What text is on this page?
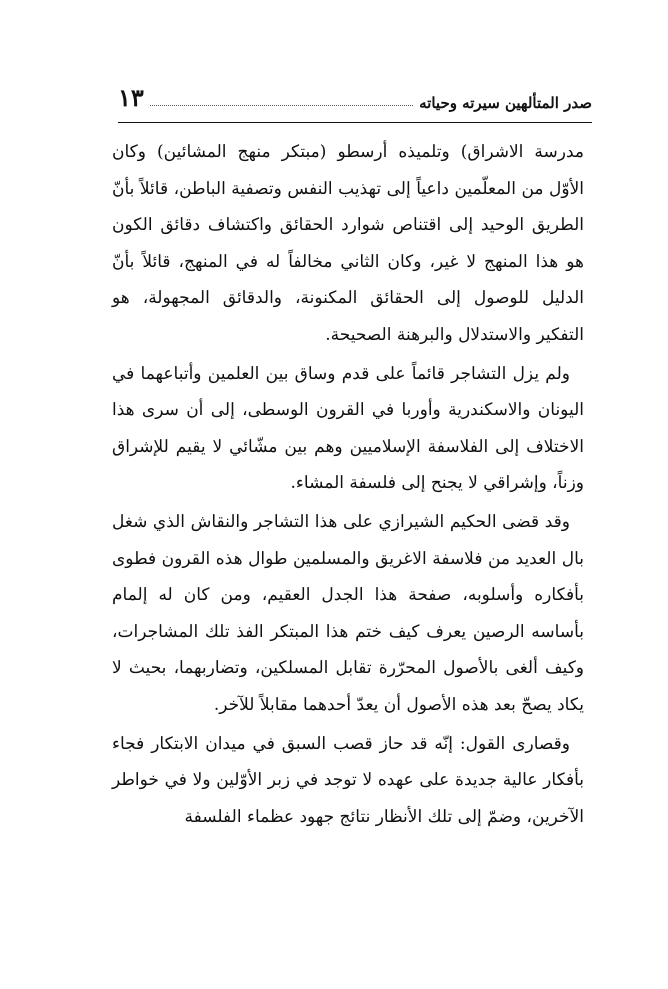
صدر المتألهين سيرته وحياته
١٣

مدرسة الاشراق) وتلميذه أرسطو (مبتكر منهج المشائين) وكان الأوّل من المعلّمين داعياً إلى تهذيب النفس وتصفية الباطن، قائلاً بأنّ الطريق الوحيد إلى اقتناص شوارد الحقائق واكتشاف دقائق الكون هو هذا المنهج لا غير، وكان الثاني مخالفاً له في المنهج، قائلاً بأنّ الدليل للوصول إلى الحقائق المكنونة، والدقائق المجهولة، هو التفكير والاستدلال والبرهنة الصحيحة.

ولم يزل التشاجر قائماً على قدم وساق بين العلمين وأتباعهما في اليونان والاسكندرية وأوربا في القرون الوسطى، إلى أن سرى هذا الاختلاف إلى الفلاسفة الإسلاميين وهم بين مشّائي لا يقيم للإشراق وزناً، وإشراقي لا يجنح إلى فلسفة المشاء.

وقد قضى الحكيم الشيرازي على هذا التشاجر والنقاش الذي شغل بال العديد من فلاسفة الاغريق والمسلمين طوال هذه القرون فطوى بأفكاره وأسلوبه، صفحة هذا الجدل العقيم، ومن كان له إلمام بأساسه الرصين يعرف كيف ختم هذا المبتكر الفذ تلك المشاجرات، وكيف ألغى بالأصول المحرّرة تقابل المسلكين، وتضاربهما، بحيث لا يكاد يصحّ بعد هذه الأصول أن يعدّ أحدهما مقابلاً للآخر.

وقصارى القول: إنّه قد حاز قصب السبق في ميدان الابتكار فجاء بأفكار عالية جديدة على عهده لا توجد في زبر الأوّلين ولا في خواطر الآخرين، وضمّ إلى تلك الأنظار نتائج جهود عظماء الفلسفة
